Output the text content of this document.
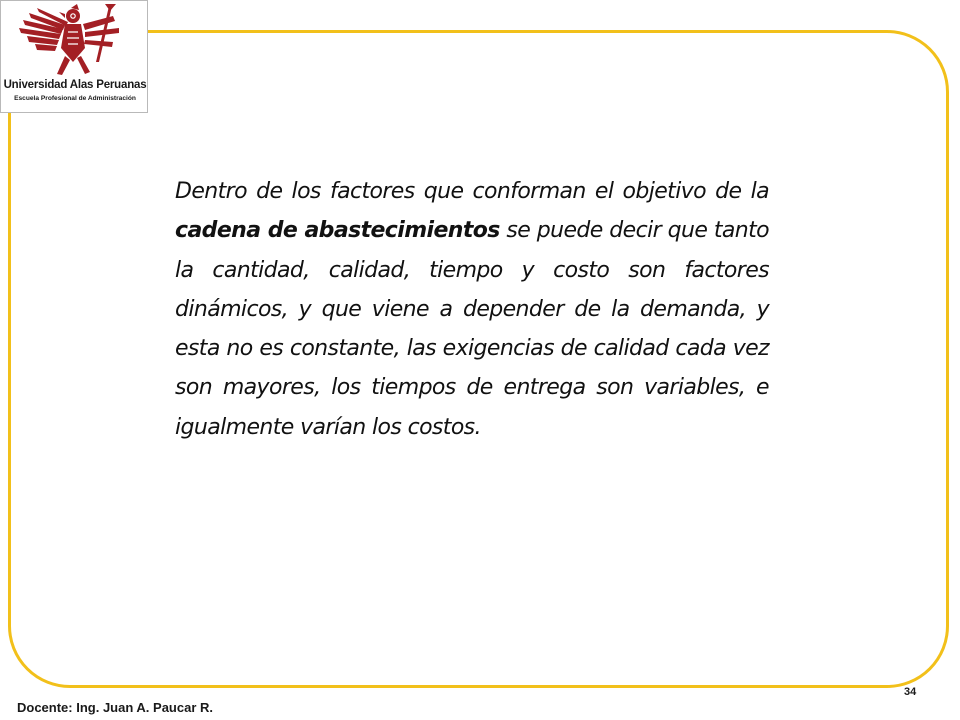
Universidad Alas Peruanas
Escuela Profesional de Administración

Dentro de los factores que conforman el objetivo de la cadena de abastecimientos se puede decir que tanto la cantidad, calidad, tiempo y costo son factores dinámicos, y que viene a depender de la demanda, y esta no es constante, las exigencias de calidad cada vez son mayores, los tiempos de entrega son variables, e igualmente varían los costos.

34
Docente: Ing. Juan A. Paucar R.
